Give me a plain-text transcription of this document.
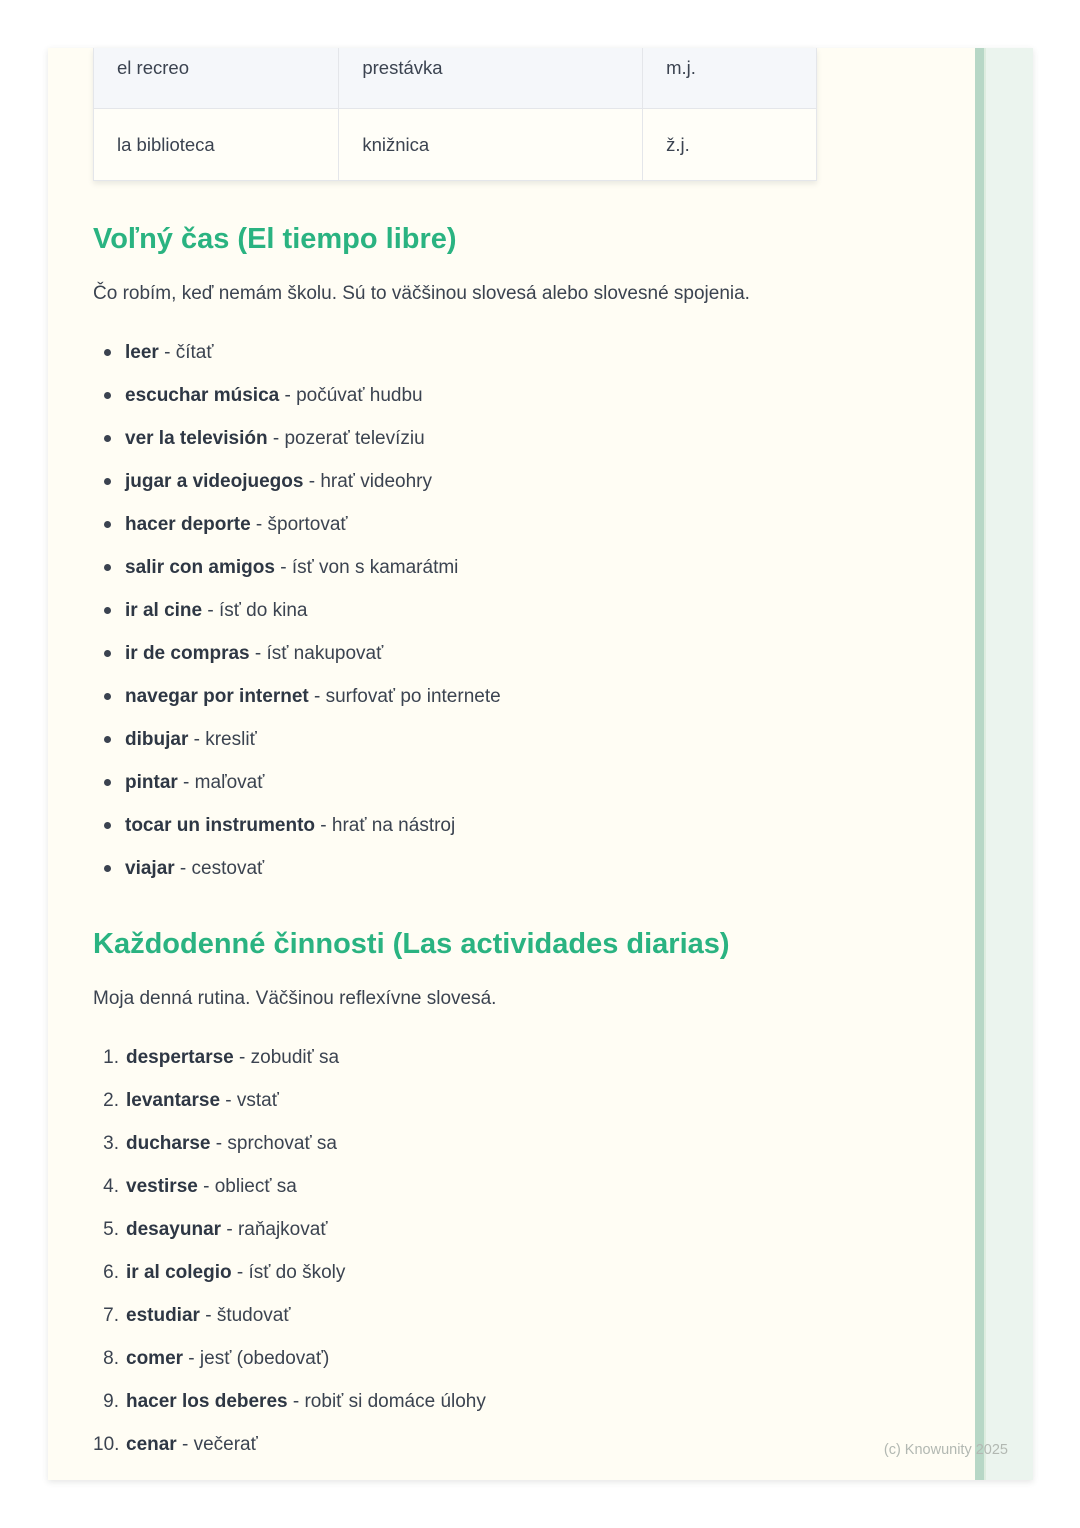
el recreo	prestávka	m.j.
la biblioteca	knižnica	ž.j.
Voľný čas (El tiempo libre)

Čo robím, keď nemám školu. Sú to väčšinou slovesá alebo slovesné spojenia.

leer - čítať
escuchar música - počúvať hudbu
ver la televisión - pozerať televíziu
jugar a videojuegos - hrať videohry
hacer deporte - športovať
salir con amigos - ísť von s kamarátmi
ir al cine - ísť do kina
ir de compras - ísť nakupovať
navegar por internet - surfovať po internete
dibujar - kresliť
pintar - maľovať
tocar un instrumento - hrať na nástroj
viajar - cestovať
Každodenné činnosti (Las actividades diarias)

Moja denná rutina. Väčšinou reflexívne slovesá.

despertarse - zobudiť sa
levantarse - vstať
ducharse - sprchovať sa
vestirse - obliecť sa
desayunar - raňajkovať
ir al colegio - ísť do školy
estudiar - študovať
comer - jesť (obedovať)
hacer los deberes - robiť si domáce úlohy
cenar - večerať	(c) Knowunity 2025
